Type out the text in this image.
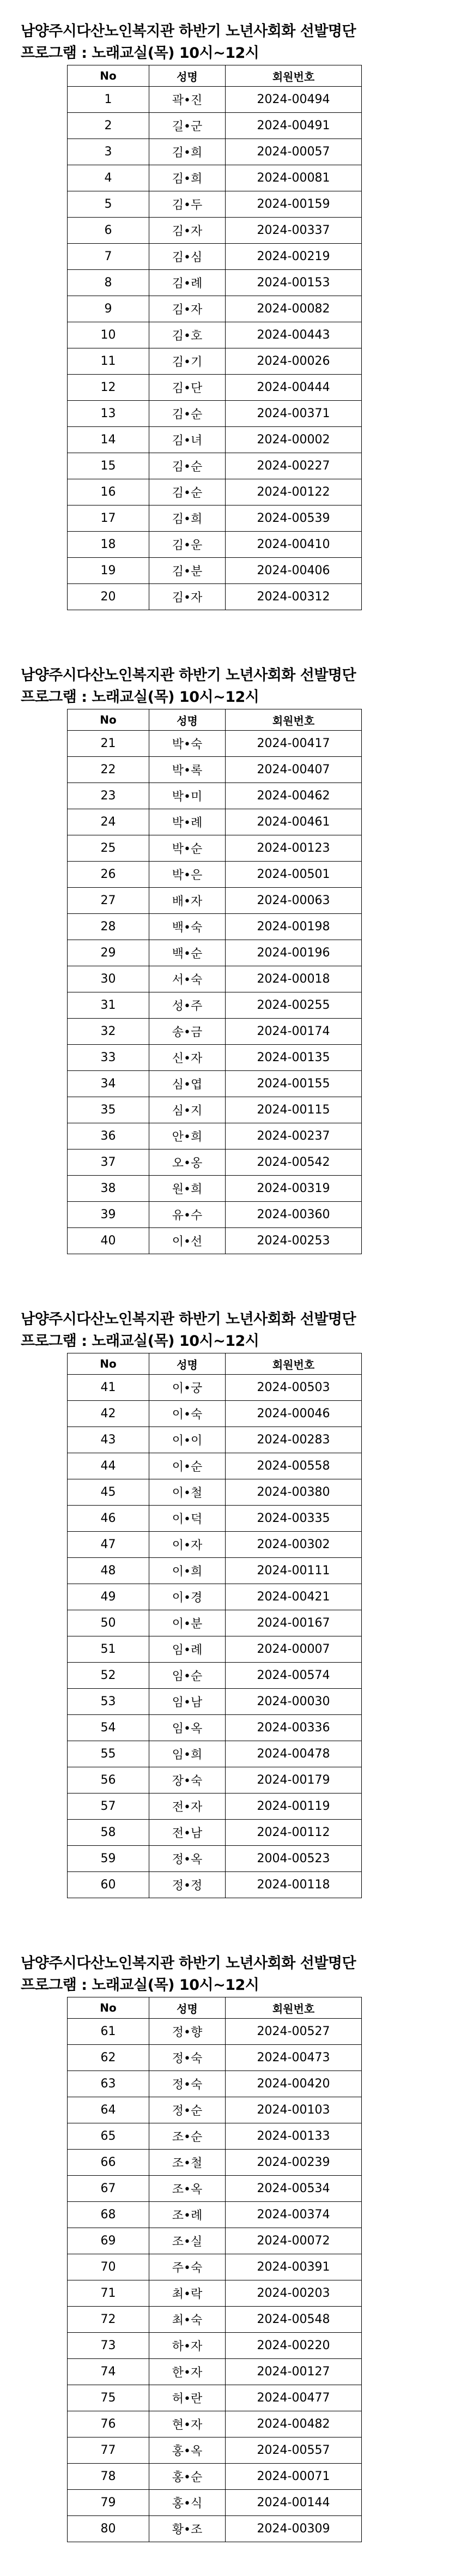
남양주시다산노인복지관 하반기 노년사회화 선발명단
프로그램 : 노래교실(목) 10시~12시
No	성명	회원번호
1	곽•진	2024-00494
2	길•군	2024-00491
3	김•희	2024-00057
4	김•희	2024-00081
5	김•두	2024-00159
6	김•자	2024-00337
7	김•심	2024-00219
8	김•례	2024-00153
9	김•자	2024-00082
10	김•호	2024-00443
11	김•기	2024-00026
12	김•단	2024-00444
13	김•순	2024-00371
14	김•녀	2024-00002
15	김•순	2024-00227
16	김•순	2024-00122
17	김•희	2024-00539
18	김•운	2024-00410
19	김•분	2024-00406
20	김•자	2024-00312
남양주시다산노인복지관 하반기 노년사회화 선발명단
프로그램 : 노래교실(목) 10시~12시
No	성명	회원번호
21	박•숙	2024-00417
22	박•록	2024-00407
23	박•미	2024-00462
24	박•례	2024-00461
25	박•순	2024-00123
26	박•은	2024-00501
27	배•자	2024-00063
28	백•숙	2024-00198
29	백•순	2024-00196
30	서•숙	2024-00018
31	성•주	2024-00255
32	송•금	2024-00174
33	신•자	2024-00135
34	심•엽	2024-00155
35	심•지	2024-00115
36	안•희	2024-00237
37	오•옹	2024-00542
38	원•희	2024-00319
39	유•수	2024-00360
40	이•선	2024-00253
남양주시다산노인복지관 하반기 노년사회화 선발명단
프로그램 : 노래교실(목) 10시~12시
No	성명	회원번호
41	이•궁	2024-00503
42	이•숙	2024-00046
43	이•이	2024-00283
44	이•순	2024-00558
45	이•철	2024-00380
46	이•덕	2024-00335
47	이•자	2024-00302
48	이•희	2024-00111
49	이•경	2024-00421
50	이•분	2024-00167
51	임•례	2024-00007
52	임•순	2024-00574
53	임•남	2024-00030
54	임•옥	2024-00336
55	임•희	2024-00478
56	장•숙	2024-00179
57	전•자	2024-00119
58	전•남	2024-00112
59	정•옥	2004-00523
60	정•정	2024-00118
남양주시다산노인복지관 하반기 노년사회화 선발명단
프로그램 : 노래교실(목) 10시~12시
No	성명	회원번호
61	정•향	2024-00527
62	정•숙	2024-00473
63	정•숙	2024-00420
64	정•순	2024-00103
65	조•순	2024-00133
66	조•철	2024-00239
67	조•옥	2024-00534
68	조•례	2024-00374
69	조•실	2024-00072
70	주•숙	2024-00391
71	최•락	2024-00203
72	최•숙	2024-00548
73	하•자	2024-00220
74	한•자	2024-00127
75	허•란	2024-00477
76	현•자	2024-00482
77	홍•옥	2024-00557
78	홍•순	2024-00071
79	홍•식	2024-00144
80	황•조	2024-00309
